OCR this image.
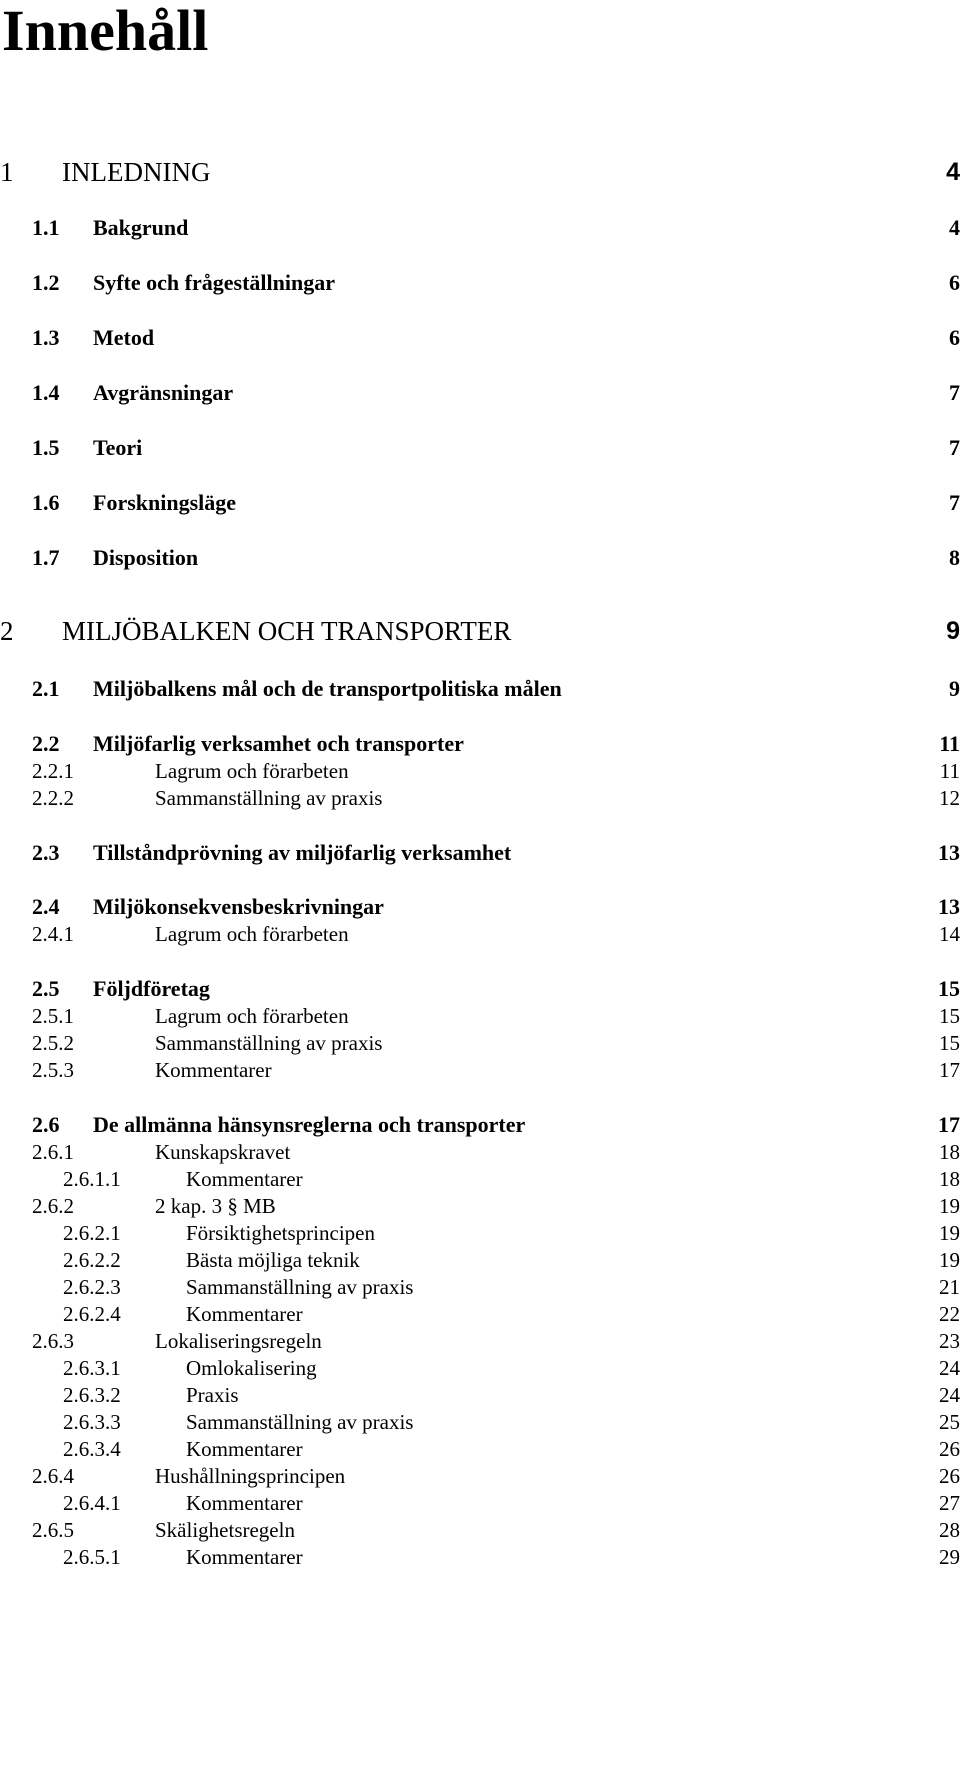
Innehåll
1 INLEDNING	4
1.1 Bakgrund	4
1.2 Syfte och frågeställningar	6
1.3 Metod	6
1.4 Avgränsningar	7
1.5 Teori	7
1.6 Forskningsläge	7
1.7 Disposition	8
2 MILJÖBALKEN OCH TRANSPORTER	9
2.1 Miljöbalkens mål och de transportpolitiska målen	9
2.2 Miljöfarlig verksamhet och transporter	11
2.2.1	Lagrum och förarbeten	11
2.2.2	Sammanställning av praxis	12
2.3 Tillståndprövning av miljöfarlig verksamhet	13
2.4 Miljökonsekvensbeskrivningar	13
2.4.1	Lagrum och förarbeten	14
2.5 Följdföretag	15
2.5.1	Lagrum och förarbeten	15
2.5.2	Sammanställning av praxis	15
2.5.3	Kommentarer	17
2.6 De allmänna hänsynsreglerna och transporter	17
2.6.1	Kunskapskravet	18
2.6.1.1	Kommentarer	18
2.6.2	2 kap. 3 § MB	19
2.6.2.1	Försiktighetsprincipen	19
2.6.2.2	Bästa möjliga teknik	19
2.6.2.3	Sammanställning av praxis	21
2.6.2.4	Kommentarer	22
2.6.3	Lokaliseringsregeln	23
2.6.3.1	Omlokalisering	24
2.6.3.2	Praxis	24
2.6.3.3	Sammanställning av praxis	25
2.6.3.4	Kommentarer	26
2.6.4	Hushållningsprincipen	26
2.6.4.1	Kommentarer	27
2.6.5	Skälighetsregeln	28
2.6.5.1	Kommentarer	29
